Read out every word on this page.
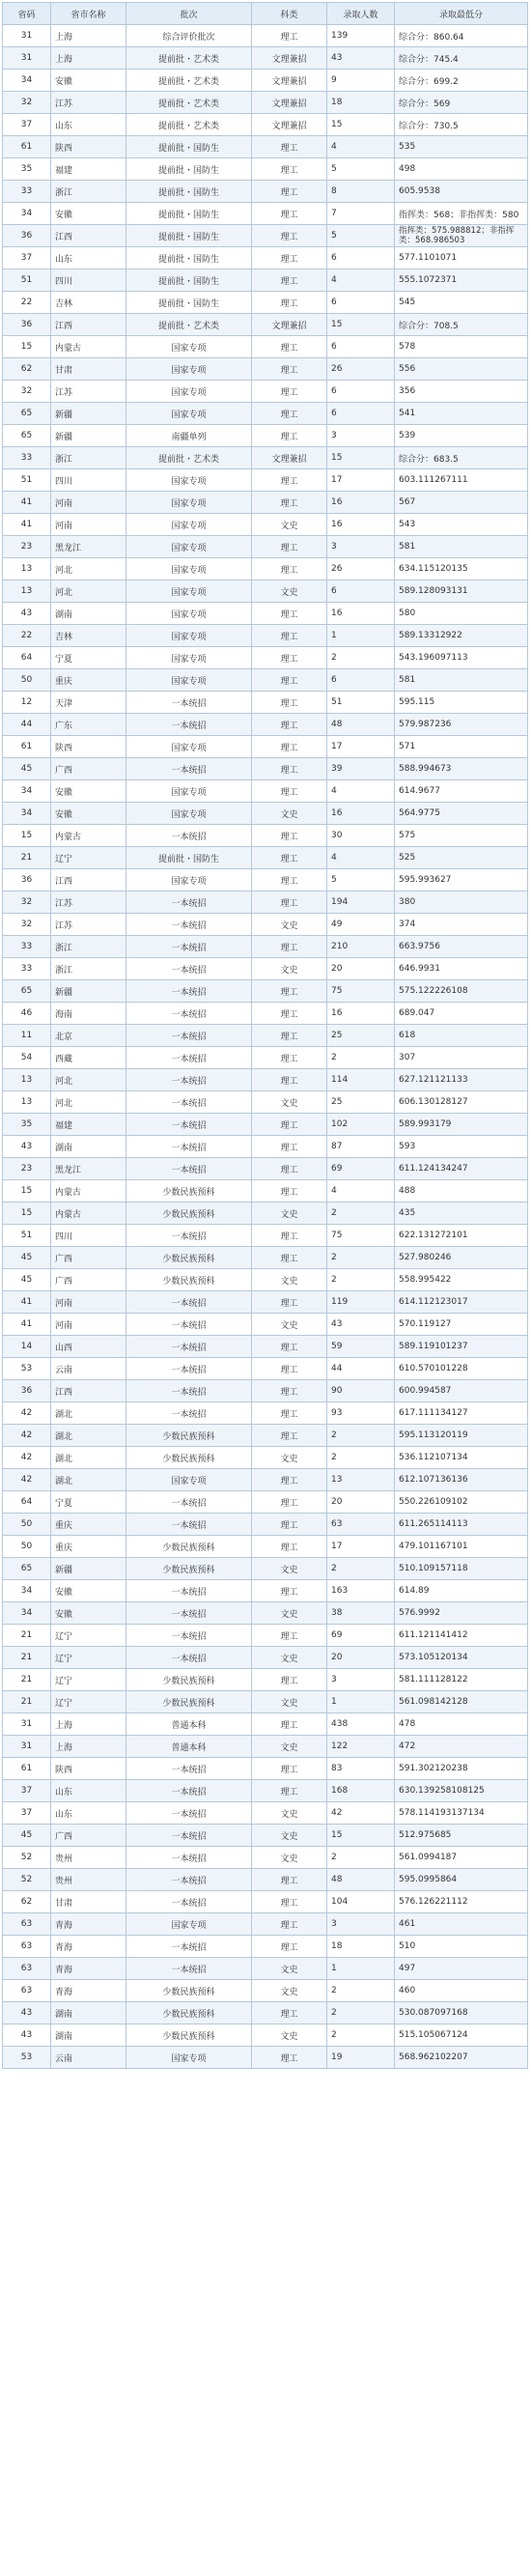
省码	省市名称	批次	科类	录取人数	录取最低分
31	上海	综合评价批次	理工	139	综合分：860.64
31	上海	提前批・艺术类	文理兼招	43	综合分：745.4
34	安徽	提前批・艺术类	文理兼招	9	综合分：699.2
32	江苏	提前批・艺术类	文理兼招	18	综合分：569
37	山东	提前批・艺术类	文理兼招	15	综合分：730.5
61	陕西	提前批・国防生	理工	4	535
35	福建	提前批・国防生	理工	5	498
33	浙江	提前批・国防生	理工	8	605.9538
34	安徽	提前批・国防生	理工	7	指挥类：568；非指挥类：580
36	江西	提前批・国防生	理工	5	指挥类：575.988812；非指挥类：568.986503
37	山东	提前批・国防生	理工	6	577.1101071
51	四川	提前批・国防生	理工	4	555.1072371
22	吉林	提前批・国防生	理工	6	545
36	江西	提前批・艺术类	文理兼招	15	综合分：708.5
15	内蒙古	国家专项	理工	6	578
62	甘肃	国家专项	理工	26	556
32	江苏	国家专项	理工	6	356
65	新疆	国家专项	理工	6	541
65	新疆	南疆单列	理工	3	539
33	浙江	提前批・艺术类	文理兼招	15	综合分：683.5
51	四川	国家专项	理工	17	603.111267111
41	河南	国家专项	理工	16	567
41	河南	国家专项	文史	16	543
23	黑龙江	国家专项	理工	3	581
13	河北	国家专项	理工	26	634.115120135
13	河北	国家专项	文史	6	589.128093131
43	湖南	国家专项	理工	16	580
22	吉林	国家专项	理工	1	589.13312922
64	宁夏	国家专项	理工	2	543.196097113
50	重庆	国家专项	理工	6	581
12	天津	一本统招	理工	51	595.115
44	广东	一本统招	理工	48	579.987236
61	陕西	国家专项	理工	17	571
45	广西	一本统招	理工	39	588.994673
34	安徽	国家专项	理工	4	614.9677
34	安徽	国家专项	文史	16	564.9775
15	内蒙古	一本统招	理工	30	575
21	辽宁	提前批・国防生	理工	4	525
36	江西	国家专项	理工	5	595.993627
32	江苏	一本统招	理工	194	380
32	江苏	一本统招	文史	49	374
33	浙江	一本统招	理工	210	663.9756
33	浙江	一本统招	文史	20	646.9931
65	新疆	一本统招	理工	75	575.122226108
46	海南	一本统招	理工	16	689.047
11	北京	一本统招	理工	25	618
54	西藏	一本统招	理工	2	307
13	河北	一本统招	理工	114	627.121121133
13	河北	一本统招	文史	25	606.130128127
35	福建	一本统招	理工	102	589.993179
43	湖南	一本统招	理工	87	593
23	黑龙江	一本统招	理工	69	611.124134247
15	内蒙古	少数民族预科	理工	4	488
15	内蒙古	少数民族预科	文史	2	435
51	四川	一本统招	理工	75	622.131272101
45	广西	少数民族预科	理工	2	527.980246
45	广西	少数民族预科	文史	2	558.995422
41	河南	一本统招	理工	119	614.112123017
41	河南	一本统招	文史	43	570.119127
14	山西	一本统招	理工	59	589.119101237
53	云南	一本统招	理工	44	610.570101228
36	江西	一本统招	理工	90	600.994587
42	湖北	一本统招	理工	93	617.111134127
42	湖北	少数民族预科	理工	2	595.113120119
42	湖北	少数民族预科	文史	2	536.112107134
42	湖北	国家专项	理工	13	612.107136136
64	宁夏	一本统招	理工	20	550.226109102
50	重庆	一本统招	理工	63	611.265114113
50	重庆	少数民族预科	理工	17	479.101167101
65	新疆	少数民族预科	文史	2	510.109157118
34	安徽	一本统招	理工	163	614.89
34	安徽	一本统招	文史	38	576.9992
21	辽宁	一本统招	理工	69	611.121141412
21	辽宁	一本统招	文史	20	573.105120134
21	辽宁	少数民族预科	理工	3	581.111128122
21	辽宁	少数民族预科	文史	1	561.098142128
31	上海	普通本科	理工	438	478
31	上海	普通本科	文史	122	472
61	陕西	一本统招	理工	83	591.302120238
37	山东	一本统招	理工	168	630.139258108125
37	山东	一本统招	文史	42	578.114193137134
45	广西	一本统招	文史	15	512.975685
52	贵州	一本统招	文史	2	561.0994187
52	贵州	一本统招	理工	48	595.0995864
62	甘肃	一本统招	理工	104	576.126221112
63	青海	国家专项	理工	3	461
63	青海	一本统招	理工	18	510
63	青海	一本统招	文史	1	497
63	青海	少数民族预科	文史	2	460
43	湖南	少数民族预科	理工	2	530.087097168
43	湖南	少数民族预科	文史	2	515.105067124
53	云南	国家专项	理工	19	568.962102207
